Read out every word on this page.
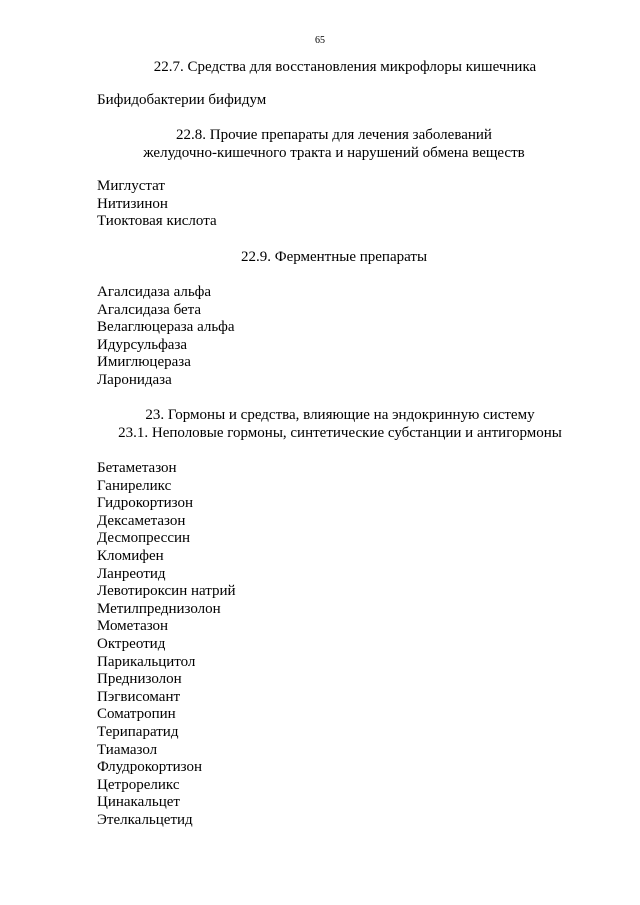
65
22.7. Средства для восстановления микрофлоры кишечника
Бифидобактерии бифидум
22.8. Прочие препараты для лечения заболеваний
желудочно-кишечного тракта и нарушений обмена веществ
Миглустат
Нитизинон
Тиоктовая кислота
22.9. Ферментные препараты
Агалсидаза альфа
Агалсидаза бета
Велаглюцераза альфа
Идурсульфаза
Имиглюцераза
Ларонидаза
23. Гормоны и средства, влияющие на эндокринную систему
23.1. Неполовые гормоны, синтетические субстанции и антигормоны
Бетаметазон
Ганиреликс
Гидрокортизон
Дексаметазон
Десмопрессин
Кломифен
Ланреотид
Левотироксин натрий
Метилпреднизолон
Мометазон
Октреотид
Парикальцитол
Преднизолон
Пэгвисомант
Соматропин
Терипаратид
Тиамазол
Флудрокортизон
Цетрореликс
Цинакальцет
Этелкальцетид
